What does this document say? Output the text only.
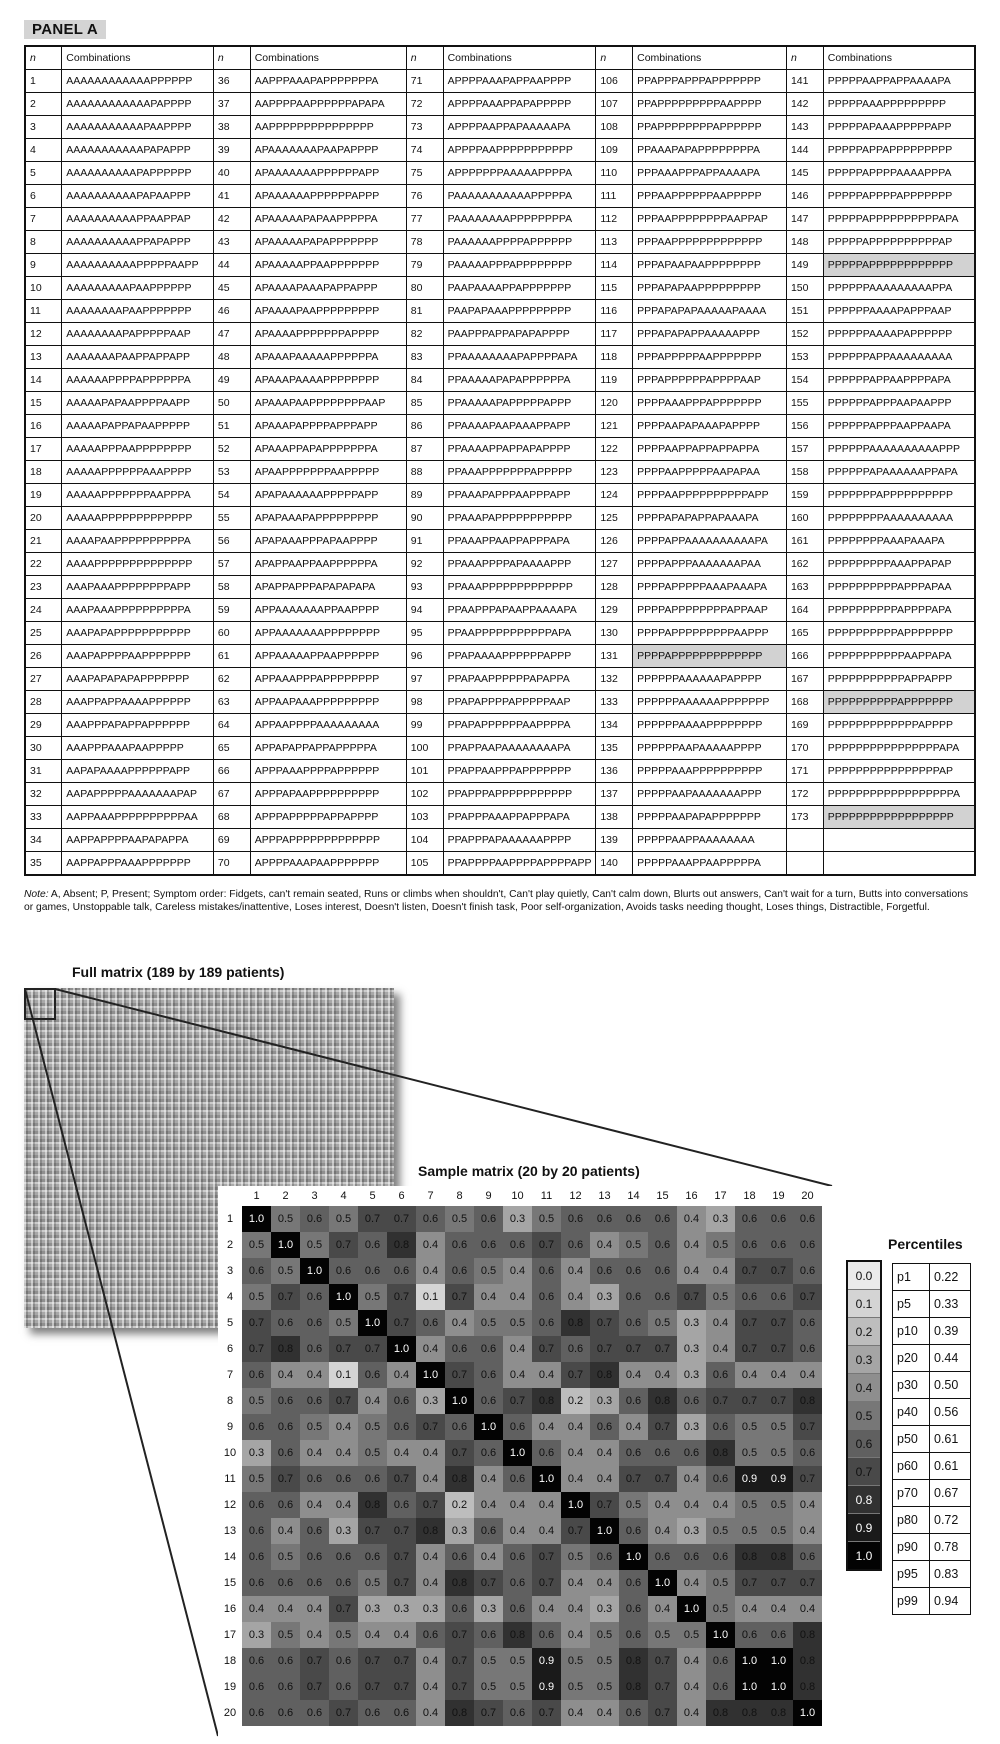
PANEL A
n	Combinations	n	Combinations	n	Combinations	n	Combinations	n	Combinations
1	AAAAAAAAAAAAPPPPPP	36	AAPPPAAAPAPPPPPPPA	71	APPPPAAAPAPPAAPPPP	106	PPAPPPAPPPAPPPPPPP	141	PPPPPAAPPAPPAAAAPA
2	AAAAAAAAAAAAPAPPPP	37	AAPPPPAAPPPPPPAPAPA	72	APPPPAAAPPAPAPPPPP	107	PPAPPPPPPPPPAAPPPP	142	PPPPPAAAPPPPPPPPP
3	AAAAAAAAAAAPAAPPPP	38	AAPPPPPPPPPPPPPPP	73	APPPPAAPPAPAAAAAPA	108	PPAPPPPPPPPAPPPPPP	143	PPPPPAPAAAPPPPPAPP
4	AAAAAAAAAAAPAPAPPP	39	APAAAAAAAPAAPAPPPP	74	APPPPAAPPPPPPPPPPP	109	PPAAAPAPAPPPPPPPPA	144	PPPPPAPPAPPPPPPPPP
5	AAAAAAAAAAPAPPPPPP	40	APAAAAAAAPPPPPPAPP	75	APPPPPPPAAAAAPPPPA	110	PPPAAAPPPAPPAAAAPA	145	PPPPPAPPPPAAAAPPPA
6	AAAAAAAAAAPAPAAPPP	41	APAAAAAAPPPPPPAPPP	76	PAAAAAAAAAAAPPPPPA	111	PPPAAPPPPPPAAPPPPP	146	PPPPPAPPPPAPPPPPPP
7	AAAAAAAAAAPPAAPPAP	42	APAAAAAPAPAAPPPPPA	77	PAAAAAAAAPPPPPPPPA	112	PPPAAPPPPPPPPAAPPAP	147	PPPPPAPPPPPPPPPPAPA
8	AAAAAAAAAAPPAPAPPP	43	APAAAAAPAPAPPPPPPP	78	PAAAAAAPPPPAPPPPPP	113	PPPAAPPPPPPPPPPPPP	148	PPPPPAPPPPPPPPPPAP
9	AAAAAAAAAAPPPPPAAPP	44	APAAAAAPPAAPPPPPPP	79	PAAAAAPPPAPPPPPPPP	114	PPPAPAAPAAPPPPPPPP	149	PPPPPAPPPPPPPPPPPP
10	AAAAAAAAAPAAPPPPPP	45	APAAAAPAAAPAPPAPPP	80	PAAPAAAAPPAPPPPPPP	115	PPPAPAPAAPPPPPPPPP	150	PPPPPPAAAAAAAAAPPA
11	AAAAAAAAPAAPPPPPPP	46	APAAAAPAAPPPPPPPPP	81	PAAPAPAAAPPPPPPPPP	116	PPPAPAPAPAAAAAPAAAA	151	PPPPPPAAAAPAPPPAAP
12	AAAAAAAAPAPPPPPAAP	47	APAAAAPPPPPPPAPPPP	82	PAAPPPAPPAPAPAPPPP	117	PPPAPAPAPPAAAAAPPP	152	PPPPPPAAAAPAPPPPPP
13	AAAAAAAPAAPPAPPAPP	48	APAAAPAAAAAPPPPPPA	83	PPAAAAAAAAPAPPPPAPA	118	PPPAPPPPPAAPPPPPPP	153	PPPPPPAPPAAAAAAAAA
14	AAAAAAPPPPAPPPPPPA	49	APAAAPAAAAPPPPPPPP	84	PPAAAAAPAPAPPPPPPA	119	PPPAPPPPPPAPPPPAAP	154	PPPPPPAPPAAPPPPAPA
15	AAAAAPAPAAPPPPAAPP	50	APAAAPAAPPPPPPPPAAP	85	PPAAAAAPAPPPPPAPPP	120	PPPPAAAPPPAPPPPPPP	155	PPPPPPAPPPAAPAAPPP
16	AAAAAPAPPAPAAPPPPP	51	APAAAPAPPPPAPPPAPP	86	PPAAAAPAAPAAAPPAPP	121	PPPPAAPAPAAAPAPPPP	156	PPPPPPAPPPAAPPAAPA
17	AAAAAPPPAAPPPPPPPP	52	APAAAPPAPAPPPPPPPA	87	PPAAAAPPAPPAPAPPPP	122	PPPPAAPPAPPAPPAPPA	157	PPPPPPAAAAAAAAAAPPP
18	AAAAAPPPPPPAAAPPPP	53	APAAPPPPPPPAAPPPPP	88	PPAAAPPPPPPPAPPPPP	123	PPPPAAPPPPPAAPAPAA	158	PPPPPPAPAAAAAAPPAPA
19	AAAAAPPPPPPPAAPPPA	54	APAPAAAAAAPPPPPAPP	89	PPAAAPAPPPAAPPPAPP	124	PPPPAAPPPPPPPPPPAPP	159	PPPPPPPAPPPPPPPPPP
20	AAAAAPPPPPPPPPPPPP	55	APAPAAAPAPPPPPPPPP	90	PPAAAPAPPPPPPPPPPP	125	PPPPAPAPAPPAPAAAPA	160	PPPPPPPPAAAAAAAAAA
21	AAAAPAAPPPPPPPPPPA	56	APAPAAAPPPAPAAPPPP	91	PPAAAPPAAPPAPPPAPA	126	PPPPAPPAAAAAAAAAAPA	161	PPPPPPPPAAAPAAAPA
22	AAAAPPPPPPPPPPPPPP	57	APAPPAAPPAAPPPPPPA	92	PPAAAPPPPAPAAAAPPP	127	PPPPAPPPAAAAAAAPAA	162	PPPPPPPPPAAAPPAPAP
23	AAAPAAAPPPPPPPPAPP	58	APAPPAPPPAPAPAPAPA	93	PPAAAPPPPPPPPPPPPP	128	PPPPAPPPPPAAAPAAAPA	163	PPPPPPPPPPAPPPAPAA
24	AAAPAAAPPPPPPPPPPA	59	APPAAAAAAAPPAAPPPP	94	PPAAPPPAPAAPPAAAAPA	129	PPPPAPPPPPPPPAPPAAP	164	PPPPPPPPPPAPPPPAPA
25	AAAPAPAPPPPPPPPPPP	60	APPAAAAAAAPPPPPPPP	95	PPAAPPPPPPPPPPPAPA	130	PPPPAPPPPPPPPPAAPPP	165	PPPPPPPPPPAPPPPPPP
26	AAAPAPPPPAAPPPPPPP	61	APPAAAAAPPAAPPPPPP	96	PPAPAAAAPPPPPPAPPP	131	PPPPAPPPPPPPPPPPPP	166	PPPPPPPPPPPAAPPAPA
27	AAAPAPAPAPAPPPPPPP	62	APPAAAPPPAPPPPPPPP	97	PPAPAAPPPPPPAPAPPA	132	PPPPPPAAAAAAPAPPPP	167	PPPPPPPPPPPAPPAPPP
28	AAAPPAPPAAAAPPPPPP	63	APPAAPAAAPPPPPPPPP	98	PPAPAPPPPAPPPPPAAP	133	PPPPPPAAAAAAPPPPPPP	168	PPPPPPPPPPAPPPPPPP
29	AAAPPPAPAPPAPPPPPP	64	APPAAPPPPAAAAAAAAA	99	PPAPAPPPPPPAAPPPPA	134	PPPPPPAAAAPPPPPPPP	169	PPPPPPPPPPPPPAPPPP
30	AAAPPPAAAPAAPPPPP	65	APPAPAPPAPPAPPPPPA	100	PPAPPAAPAAAAAAAAPA	135	PPPPPPAAPAAAAAPPPP	170	PPPPPPPPPPPPPPPPAPA
31	AAPAPAAAAPPPPPPAPP	66	APPPAAAPPPPAPPPPPP	101	PPAPPAAPPPAPPPPPPP	136	PPPPPAAAPPPPPPPPPP	171	PPPPPPPPPPPPPPPPAP
32	AAPAPPPPPAAAAAAAPAP	67	APPPAPAAPPPPPPPPPP	102	PPAPPPAPPPPPPPPPPP	137	PPPPPAAPAAAAAAAPPP	172	PPPPPPPPPPPPPPPPPPA
33	AAPPAAAPPPPPPPPPPAA	68	APPPAPPPPPAPPAPPPP	103	PPAPPPAAAPPAPPPAPA	138	PPPPPAAPAPAPPPPPPP	173	PPPPPPPPPPPPPPPPPP
34	AAPPAPPPPAAPAPAPPA	69	APPPAPPPPPPPPPPPPP	104	PPAPPPAPAAAAAAPPPP	139	PPPPPAAPPAAAAAAAA		
35	AAPPAPPPAAAPPPPPPP	70	APPPPAAAPAAPPPPPPP	105	PPAPPPPAAPPPPAPPPPAPP	140	PPPPPAAAPPAAPPPPPA		
Note: A, Absent; P, Present; Symptom order: Fidgets, can't remain seated, Runs or climbs when shouldn't, Can't play quietly, Can't calm down, Blurts out answers, Can't wait for a turn, Butts into conversations or games, Unstoppable talk, Careless mistakes/inattentive, Loses interest, Doesn't listen, Doesn't finish task, Poor self-organization, Avoids tasks needing thought, Loses things, Distractible, Forgetful.
Full matrix (189 by 189 patients)
Sample matrix (20 by 20 patients)
	1	2	3	4	5	6	7	8	9	10	11	12	13	14	15	16	17	18	19	20
1	1.0	0.5	0.6	0.5	0.7	0.7	0.6	0.5	0.6	0.3	0.5	0.6	0.6	0.6	0.6	0.4	0.3	0.6	0.6	0.6
2	0.5	1.0	0.5	0.7	0.6	0.8	0.4	0.6	0.6	0.6	0.7	0.6	0.4	0.5	0.6	0.4	0.5	0.6	0.6	0.6
3	0.6	0.5	1.0	0.6	0.6	0.6	0.4	0.6	0.5	0.4	0.6	0.4	0.6	0.6	0.6	0.4	0.4	0.7	0.7	0.6
4	0.5	0.7	0.6	1.0	0.5	0.7	0.1	0.7	0.4	0.4	0.6	0.4	0.3	0.6	0.6	0.7	0.5	0.6	0.6	0.7
5	0.7	0.6	0.6	0.5	1.0	0.7	0.6	0.4	0.5	0.5	0.6	0.8	0.7	0.6	0.5	0.3	0.4	0.7	0.7	0.6
6	0.7	0.8	0.6	0.7	0.7	1.0	0.4	0.6	0.6	0.4	0.7	0.6	0.7	0.7	0.7	0.3	0.4	0.7	0.7	0.6
7	0.6	0.4	0.4	0.1	0.6	0.4	1.0	0.7	0.6	0.4	0.4	0.7	0.8	0.4	0.4	0.3	0.6	0.4	0.4	0.4
8	0.5	0.6	0.6	0.7	0.4	0.6	0.3	1.0	0.6	0.7	0.8	0.2	0.3	0.6	0.8	0.6	0.7	0.7	0.7	0.8
9	0.6	0.6	0.5	0.4	0.5	0.6	0.7	0.6	1.0	0.6	0.4	0.4	0.6	0.4	0.7	0.3	0.6	0.5	0.5	0.7
10	0.3	0.6	0.4	0.4	0.5	0.4	0.4	0.7	0.6	1.0	0.6	0.4	0.4	0.6	0.6	0.6	0.8	0.5	0.5	0.6
11	0.5	0.7	0.6	0.6	0.6	0.7	0.4	0.8	0.4	0.6	1.0	0.4	0.4	0.7	0.7	0.4	0.6	0.9	0.9	0.7
12	0.6	0.6	0.4	0.4	0.8	0.6	0.7	0.2	0.4	0.4	0.4	1.0	0.7	0.5	0.4	0.4	0.4	0.5	0.5	0.4
13	0.6	0.4	0.6	0.3	0.7	0.7	0.8	0.3	0.6	0.4	0.4	0.7	1.0	0.6	0.4	0.3	0.5	0.5	0.5	0.4
14	0.6	0.5	0.6	0.6	0.6	0.7	0.4	0.6	0.4	0.6	0.7	0.5	0.6	1.0	0.6	0.6	0.6	0.8	0.8	0.6
15	0.6	0.6	0.6	0.6	0.5	0.7	0.4	0.8	0.7	0.6	0.7	0.4	0.4	0.6	1.0	0.4	0.5	0.7	0.7	0.7
16	0.4	0.4	0.4	0.7	0.3	0.3	0.3	0.6	0.3	0.6	0.4	0.4	0.3	0.6	0.4	1.0	0.5	0.4	0.4	0.4
17	0.3	0.5	0.4	0.5	0.4	0.4	0.6	0.7	0.6	0.8	0.6	0.4	0.5	0.6	0.5	0.5	1.0	0.6	0.6	0.8
18	0.6	0.6	0.7	0.6	0.7	0.7	0.4	0.7	0.5	0.5	0.9	0.5	0.5	0.8	0.7	0.4	0.6	1.0	1.0	0.8
19	0.6	0.6	0.7	0.6	0.7	0.7	0.4	0.7	0.5	0.5	0.9	0.5	0.5	0.8	0.7	0.4	0.6	1.0	1.0	0.8
20	0.6	0.6	0.6	0.7	0.6	0.6	0.4	0.8	0.7	0.6	0.7	0.4	0.4	0.6	0.7	0.4	0.8	0.8	0.8	1.0
0.0
0.1
0.2
0.3
0.4
0.5
0.6
0.7
0.8
0.9
1.0
Percentiles
p1	0.22
p5	0.33
p10	0.39
p20	0.44
p30	0.50
p40	0.56
p50	0.61
p60	0.61
p70	0.67
p80	0.72
p90	0.78
p95	0.83
p99	0.94
